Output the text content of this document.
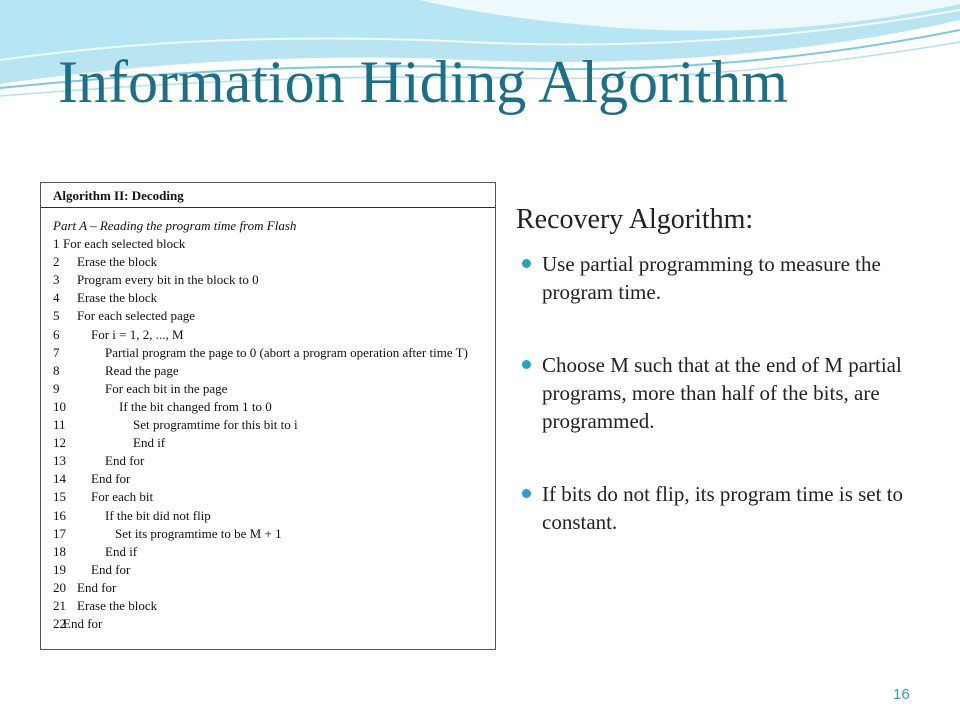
Information Hiding Algorithm
Algorithm II: Decoding
Part A – Reading the program time from Flash
1 For each selected block
2 Erase the block
3 Program every bit in the block to 0
4 Erase the block
5 For each selected page
6 For i = 1, 2, ..., M
7	Partial program the page to 0 (abort a program operation after time T)
8	Read the page
9	For each bit in the page
10	If the bit changed from 1 to 0
11	Set programtime for this bit to i
12	End if
13	End for
14 End for
15 For each bit
16	If the bit did not flip
17	Set its programtime to be M + 1
18	End if
19 End for
20 End for
21 Erase the block
22End for
Recovery Algorithm:
Use partial programming to measure the program time.
Choose M such that at the end of M partial programs, more than half of the bits, are programmed.
If bits do not flip, its program time is set to constant.
16
